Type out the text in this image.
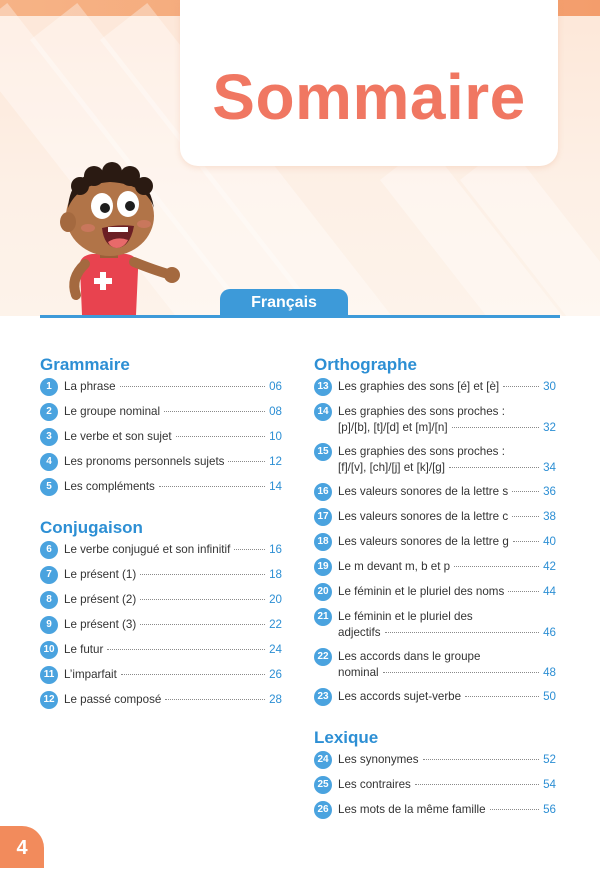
Sommaire
Français
Grammaire
1	La phrase	06
2	Le groupe nominal	08
3	Le verbe et son sujet	10
4	Les pronoms personnels sujets	12
5	Les compléments	14
Conjugaison
6	Le verbe conjugué et son infinitif	16
7	Le présent (1)	18
8	Le présent (2)	20
9	Le présent (3)	22
10 Le futur	24
11 L’imparfait	26
12 Le passé composé	28
Orthographe
13 Les graphies des sons [é] et [è]	30
14 Les graphies des sons proches :
[p]/[b], [t]/[d] et [m]/[n]	32
15 Les graphies des sons proches :
[f]/[v], [ch]/[j] et [k]/[g]	34
16 Les valeurs sonores de la lettre s	36
17 Les valeurs sonores de la lettre c	38
18 Les valeurs sonores de la lettre g	40
19 Le m devant m, b et p	42
20 Le féminin et le pluriel des noms	44
21 Le féminin et le pluriel des
adjectifs	46
22 Les accords dans le groupe
nominal	48
23 Les accords sujet-verbe	50
Lexique
24 Les synonymes	52
25 Les contraires	54
26 Les mots de la même famille	56
4
